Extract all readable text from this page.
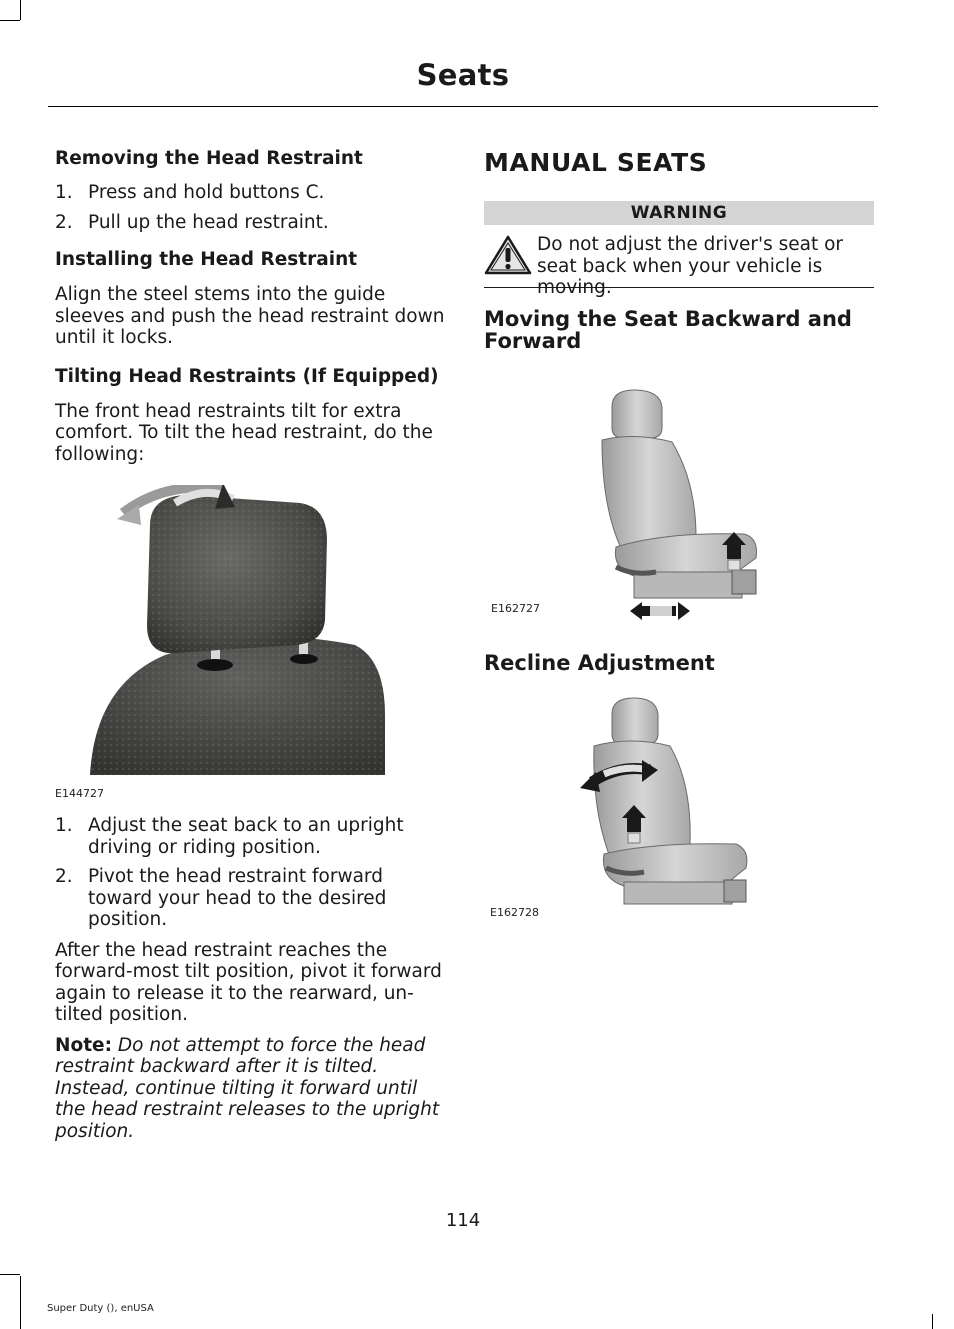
Seats

Removing the Head Restraint

1. Press and hold buttons C.
2. Pull up the head restraint.

Installing the Head Restraint

Align the steel stems into the guide sleeves and push the head restraint down until it locks.

Tilting Head Restraints (If Equipped)

The front head restraints tilt for extra comfort. To tilt the head restraint, do the following:

E144727
1. Adjust the seat back to an upright driving or riding position.
2. Pivot the head restraint forward toward your head to the desired position.

After the head restraint reaches the forward-most tilt position, pivot it forward again to release it to the rearward, un-tilted position.

Note: Do not attempt to force the head restraint backward after it is tilted. Instead, continue tilting it forward until the head restraint releases to the upright position.

MANUAL SEATS

WARNING
Do not adjust the driver's seat or seat back when your vehicle is moving.

Moving the Seat Backward and Forward

E162727

Recline Adjustment

E162728
114
Super Duty (), enUSA
